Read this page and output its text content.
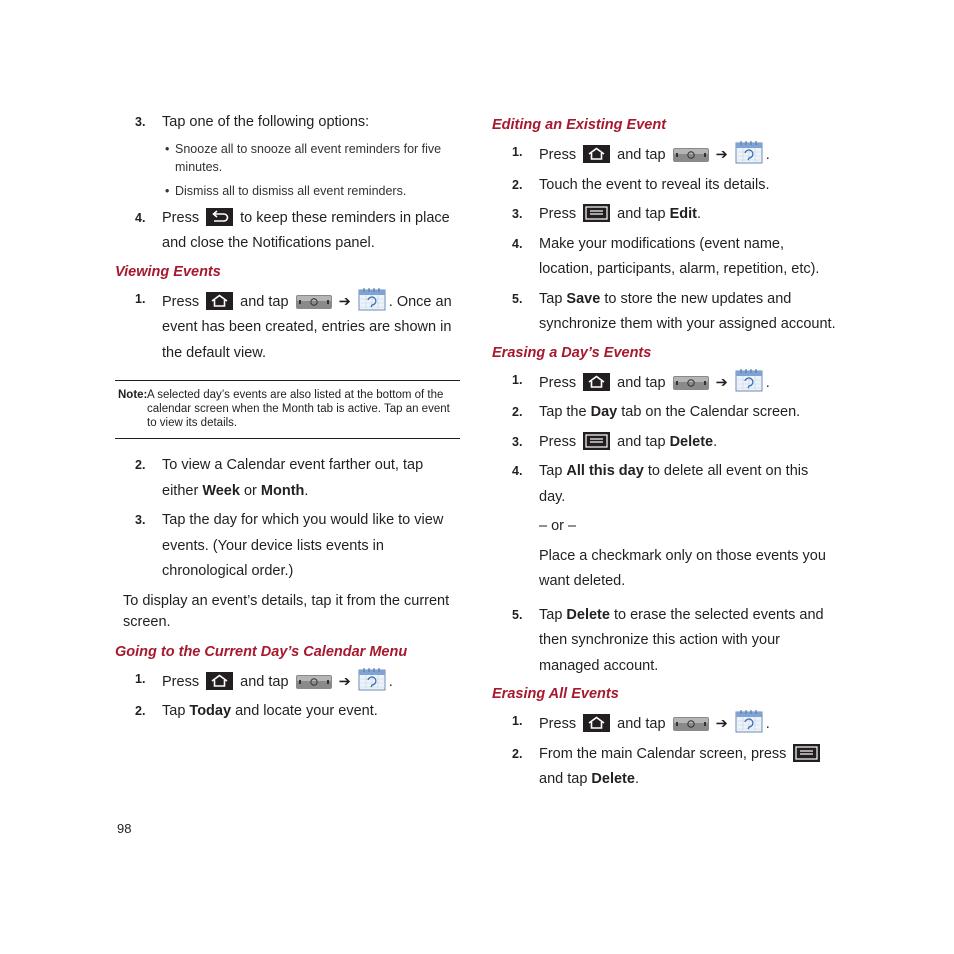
3. Tap one of the following options:
• Snooze all to snooze all event reminders for five minutes.
• Dismiss all to dismiss all event reminders.
4. Press	to keep these reminders in place and close the Notifications panel.
Viewing Events
1. Press	and tap	➔	. Once an event has been created, entries are shown in the default view.
Note: A selected day’s events are also listed at the bottom of the calendar screen when the Month tab is active. Tap an event to view its details.
2. To view a Calendar event farther out, tap either Week or Month.
3. Tap the day for which you would like to view events. (Your device lists events in chronological order.)
To display an event’s details, tap it from the current screen.
Going to the Current Day’s Calendar Menu
1. Press	and tap	➔	.
2. Tap Today and locate your event.
Editing an Existing Event
1. Press	and tap	➔	.
2. Touch the event to reveal its details.
3. Press	and tap Edit.
4. Make your modifications (event name, location, participants, alarm, repetition, etc).
5. Tap Save to store the new updates and synchronize them with your assigned account.
Erasing a Day’s Events
1. Press	and tap	➔	.
2. Tap the Day tab on the Calendar screen.
3. Press	and tap Delete.
4. Tap All this day to delete all event on this day.
– or –
Place a checkmark only on those events you want deleted.
5. Tap Delete to erase the selected events and then synchronize this action with your managed account.
Erasing All Events
1. Press	and tap	➔	.
2. From the main Calendar screen, press  and tap Delete.
98
